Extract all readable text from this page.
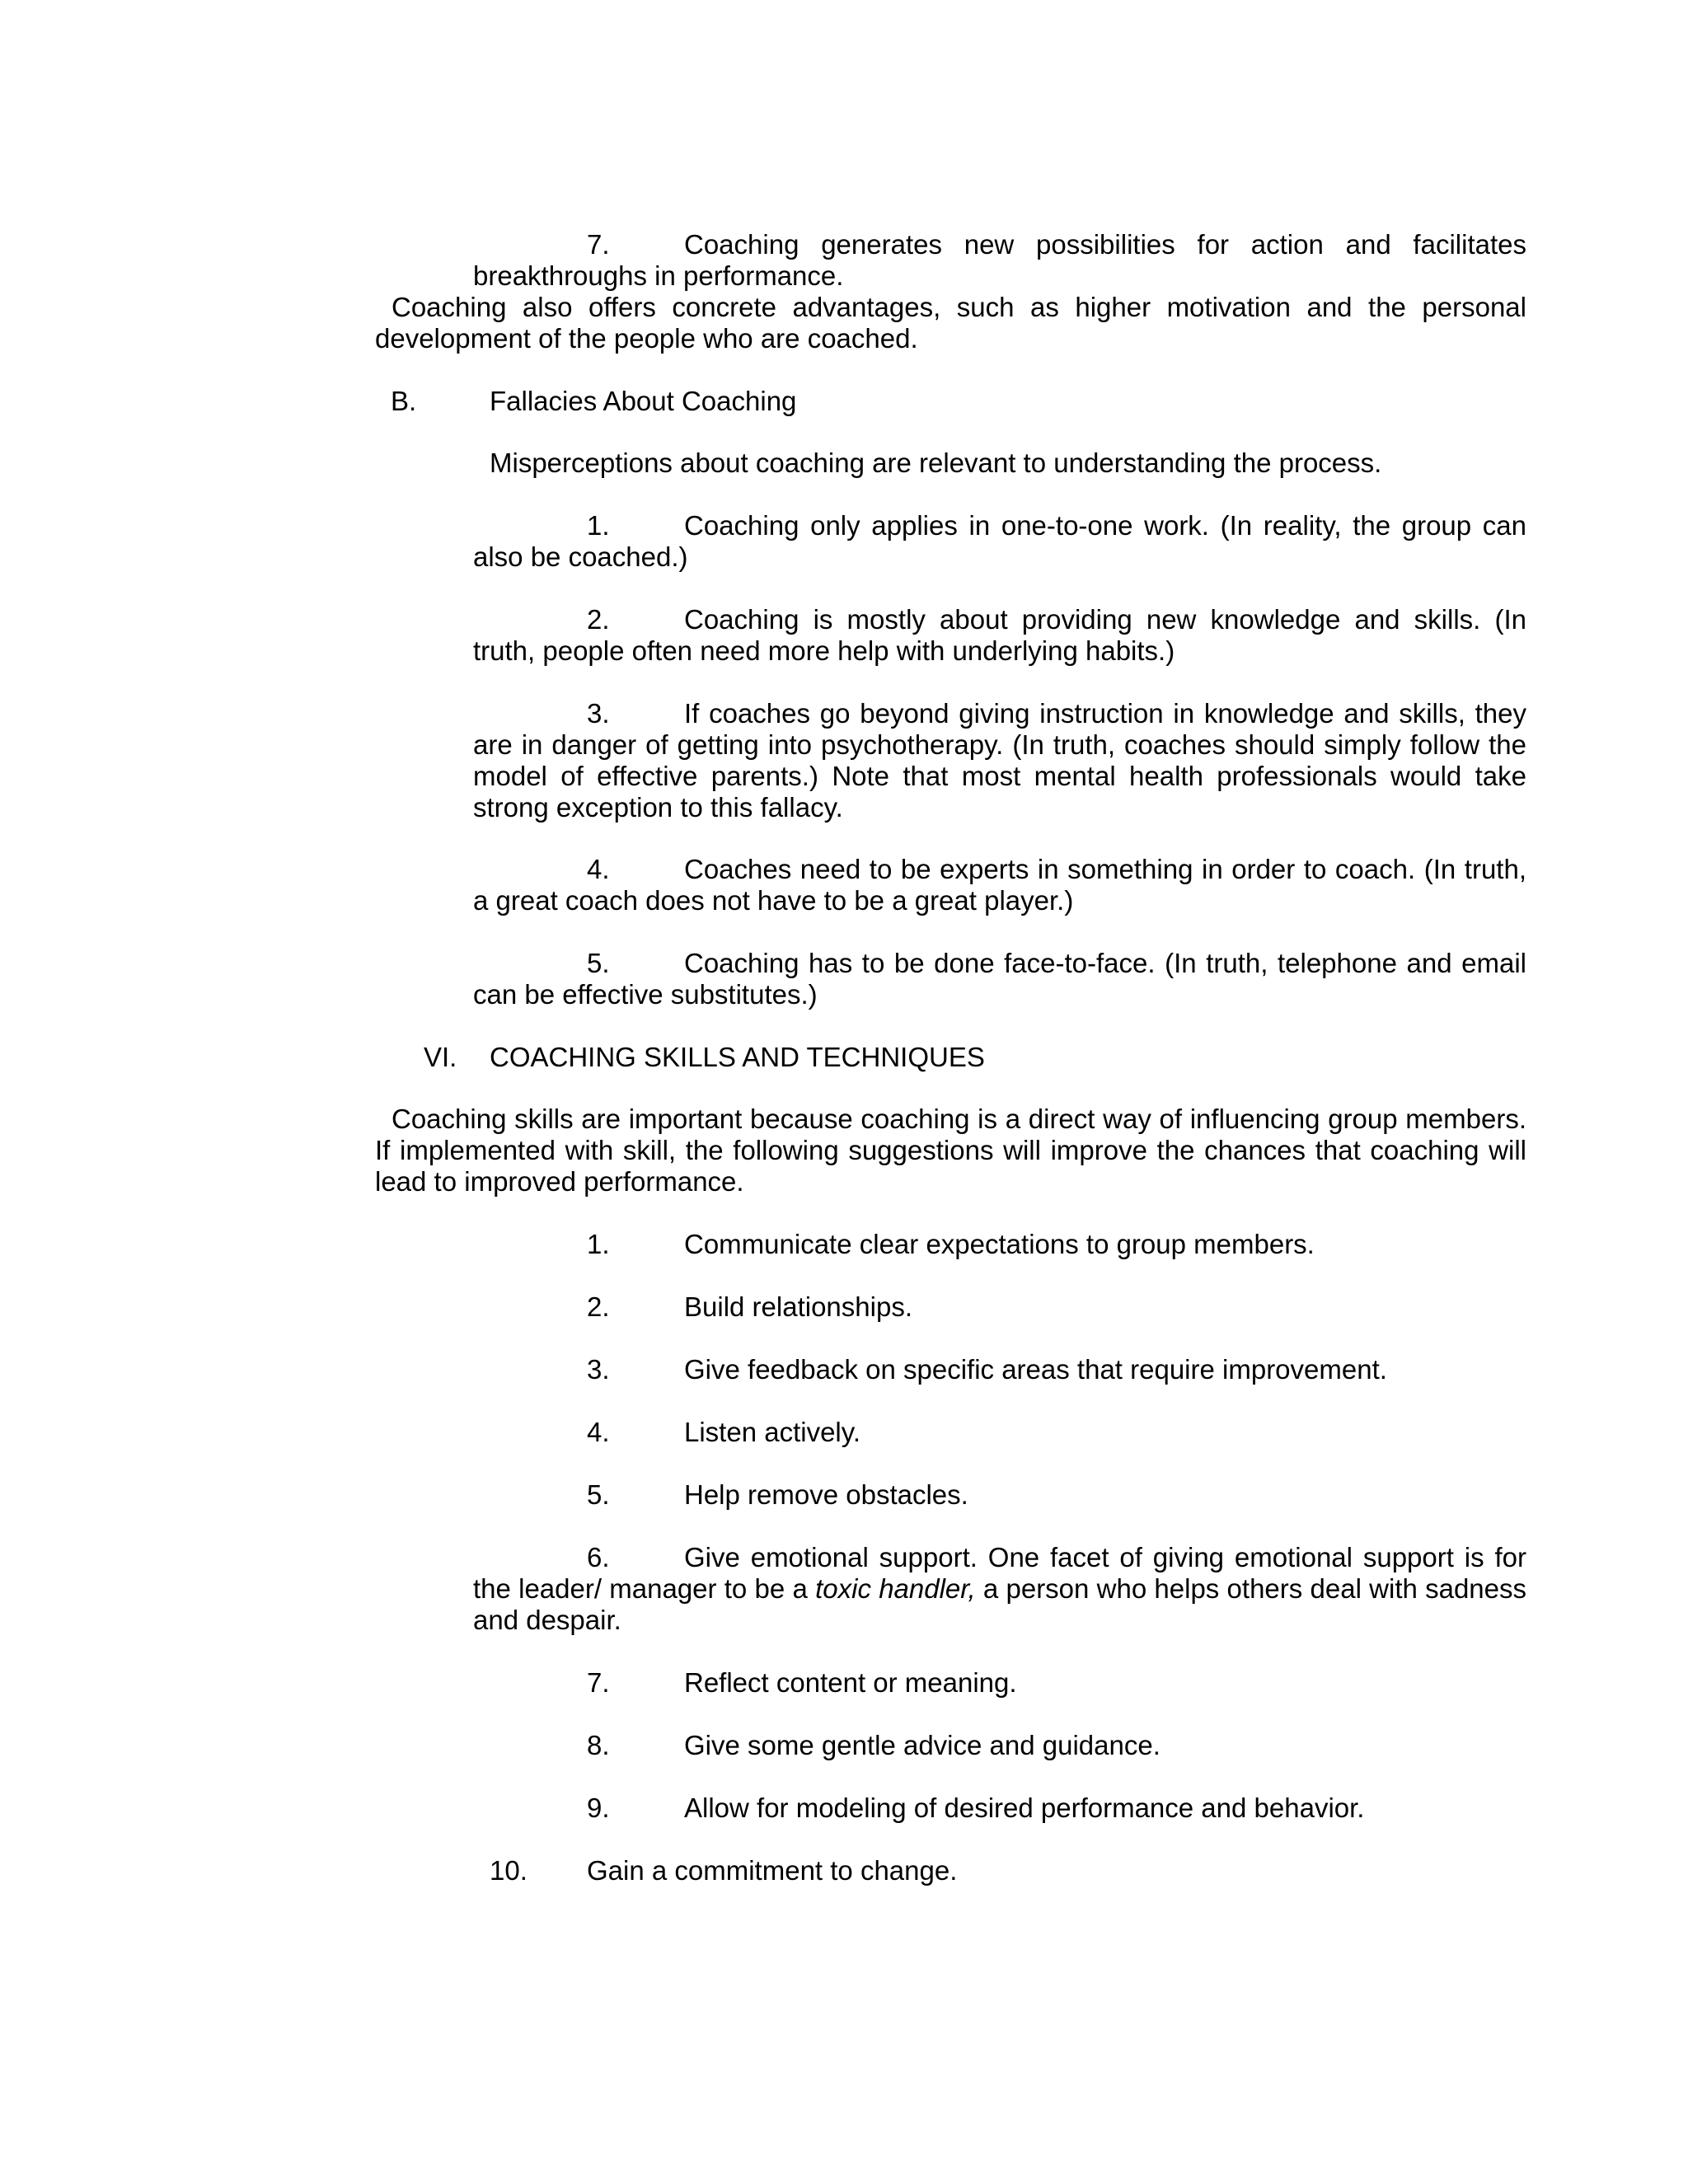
7.	Coaching generates new possibilities for action and facilitates
breakthroughs in performance.

Coaching also offers concrete advantages, such as higher motivation and the personal development of the people who are coached.

B.	Fallacies About Coaching

Misperceptions about coaching are relevant to understanding the process.

1.	Coaching only applies in one-to-one work. (In reality, the group can
also be coached.)
2.	Coaching is mostly about providing new knowledge and skills. (In
truth, people often need more help with underlying habits.)
3.	If coaches go beyond giving instruction in knowledge and skills, they
are in danger of getting into psychotherapy. (In truth, coaches should simply follow the model of effective parents.) Note that most mental health professionals would take strong exception to this fallacy.
4.	Coaches need to be experts in something in order to coach. (In truth,
a great coach does not have to be a great player.)
5.	Coaching has to be done face-to-face. (In truth, telephone and email
can be effective substitutes.)
VI. COACHING SKILLS AND TECHNIQUES

Coaching skills are important because coaching is a direct way of influencing group members. If implemented with skill, the following suggestions will improve the chances that coaching will lead to improved performance.

1.	Communicate clear expectations to group members.
2.	Build relationships.
3.	Give feedback on specific areas that require improvement.
4.	Listen actively.
5.	Help remove obstacles.
6.	Give emotional support. One facet of giving emotional support is for
the leader/ manager to be a toxic handler, a person who helps others deal with sadness and despair.
7.	Reflect content or meaning.
8.	Give some gentle advice and guidance.
9.	Allow for modeling of desired performance and behavior.
10. Gain a commitment to change.
